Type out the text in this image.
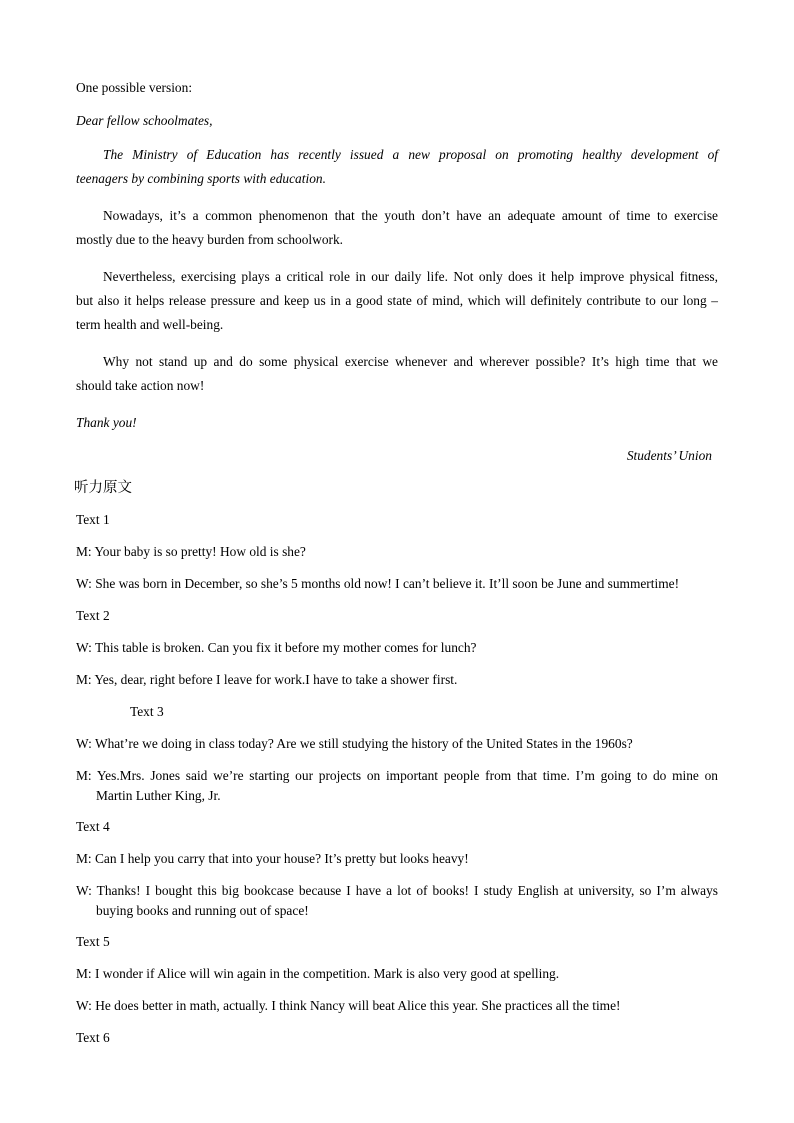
One possible version:
Dear fellow schoolmates,
The Ministry of Education has recently issued a new proposal on promoting healthy development of
teenagers by combining sports with education.
Nowadays, it’s a common phenomenon that the youth don’t have an adequate amount of time to exercise
mostly due to the heavy burden from schoolwork.
Nevertheless, exercising plays a critical role in our daily life. Not only does it help improve physical fitness,
but also it helps release pressure and keep us in a good state of mind, which will definitely contribute to our long –
term health and well-being.
Why not stand up and do some physical exercise whenever and wherever possible? It’s high time that we
should take action now!
Thank you!
Students’ Union
听力原文
Text 1
M: Your baby is so pretty! How old is she?
W: She was born in December, so she’s 5 months old now! I can’t believe it. It’ll soon be June and summertime!
Text 2
W: This table is broken. Can you fix it before my mother comes for lunch?
M: Yes, dear, right before I leave for work.I have to take a shower first.
Text 3
W: What’re we doing in class today? Are we still studying the history of the United States in the 1960s?
M: Yes.Mrs. Jones said we’re starting our projects on important people from that time. I’m going to do mine on
Martin Luther King, Jr.
Text 4
M: Can I help you carry that into your house? It’s pretty but looks heavy!
W: Thanks! I bought this big bookcase because I have a lot of books! I study English at university, so I’m always
buying books and running out of space!
Text 5
M: I wonder if Alice will win again in the competition. Mark is also very good at spelling.
W: He does better in math, actually. I think Nancy will beat Alice this year. She practices all the time!
Text 6
